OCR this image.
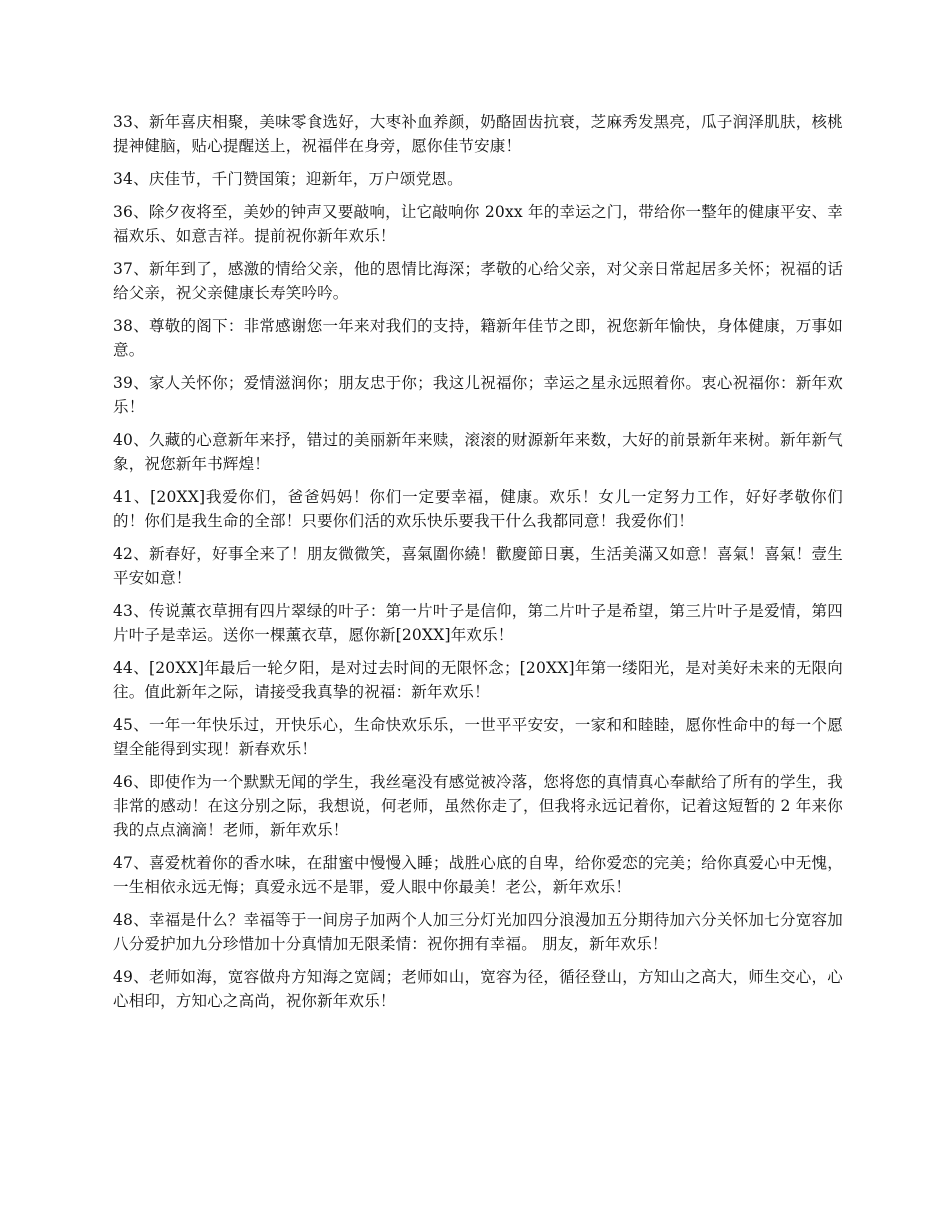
33、新年喜庆相聚，美味零食选好，大枣补血养颜，奶酪固齿抗衰，芝麻秀发黑亮，瓜子润泽肌肤，核桃提神健脑，贴心提醒送上，祝福伴在身旁，愿你佳节安康！

34、庆佳节，千门赞国策；迎新年，万户颂党恩。

36、除夕夜将至，美妙的钟声又要敲响，让它敲响你 20xx 年的幸运之门，带给你一整年的健康平安、幸福欢乐、如意吉祥。提前祝你新年欢乐！

37、新年到了，感激的情给父亲，他的恩情比海深；孝敬的心给父亲，对父亲日常起居多关怀；祝福的话给父亲，祝父亲健康长寿笑吟吟。

38、尊敬的阁下：非常感谢您一年来对我们的支持，籍新年佳节之即，祝您新年愉快，身体健康，万事如意。

39、家人关怀你；爱情滋润你；朋友忠于你；我这儿祝福你；幸运之星永远照着你。衷心祝福你：新年欢乐！

40、久藏的心意新年来抒，错过的美丽新年来赎，滚滚的财源新年来数，大好的前景新年来树。新年新气象，祝您新年书辉煌！

41、[20XX]我爱你们，爸爸妈妈！你们一定要幸福，健康。欢乐！女儿一定努力工作，好好孝敬你们的！你们是我生命的全部！只要你们活的欢乐快乐要我干什么我都同意！我爱你们！

42、新春好，好事全来了！朋友微微笑，喜氣圍你繞！歡慶節日裏，生活美滿又如意！喜氣！喜氣！壹生平安如意！

43、传说薰衣草拥有四片翠绿的叶子：第一片叶子是信仰，第二片叶子是希望，第三片叶子是爱情，第四片叶子是幸运。送你一棵薰衣草，愿你新[20XX]年欢乐！

44、[20XX]年最后一轮夕阳，是对过去时间的无限怀念；[20XX]年第一缕阳光，是对美好未来的无限向往。值此新年之际，请接受我真挚的祝福：新年欢乐！

45、一年一年快乐过，开快乐心，生命快欢乐乐，一世平平安安，一家和和睦睦，愿你性命中的每一个愿望全能得到实现！新春欢乐！

46、即使作为一个默默无闻的学生，我丝毫没有感觉被冷落，您将您的真情真心奉献给了所有的学生，我非常的感动！在这分别之际，我想说，何老师，虽然你走了，但我将永远记着你，记着这短暂的 2 年来你我的点点滴滴！老师，新年欢乐！

47、喜爱枕着你的香水味，在甜蜜中慢慢入睡；战胜心底的自卑，给你爱恋的完美；给你真爱心中无愧，一生相依永远无悔；真爱永远不是罪，爱人眼中你最美！老公，新年欢乐！

48、幸福是什么？幸福等于一间房子加两个人加三分灯光加四分浪漫加五分期待加六分关怀加七分宽容加八分爱护加九分珍惜加十分真情加无限柔情：祝你拥有幸福。 朋友，新年欢乐！

49、老师如海，宽容做舟方知海之宽阔；老师如山，宽容为径，循径登山，方知山之高大，师生交心，心心相印，方知心之高尚，祝你新年欢乐！
